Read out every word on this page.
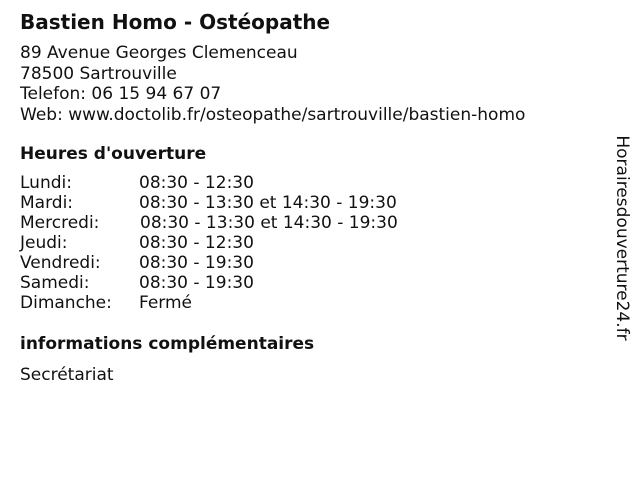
Bastien Homo - Ostéopathe
89 Avenue Georges Clemenceau
78500 Sartrouville
Telefon: 06 15 94 67 07
Web: www.doctolib.fr/osteopathe/sartrouville/bastien-homo
Heures d'ouverture
Lundi:	08:30 - 12:30
Mardi:	08:30 - 13:30 et 14:30 - 19:30
Mercredi: 08:30 - 13:30 et 14:30 - 19:30
Jeudi:	08:30 - 12:30
Vendredi: 08:30 - 19:30
Samedi:	08:30 - 19:30
Dimanche: Fermé
informations complémentaires
Secrétariat
Horairesdouverture24.fr
